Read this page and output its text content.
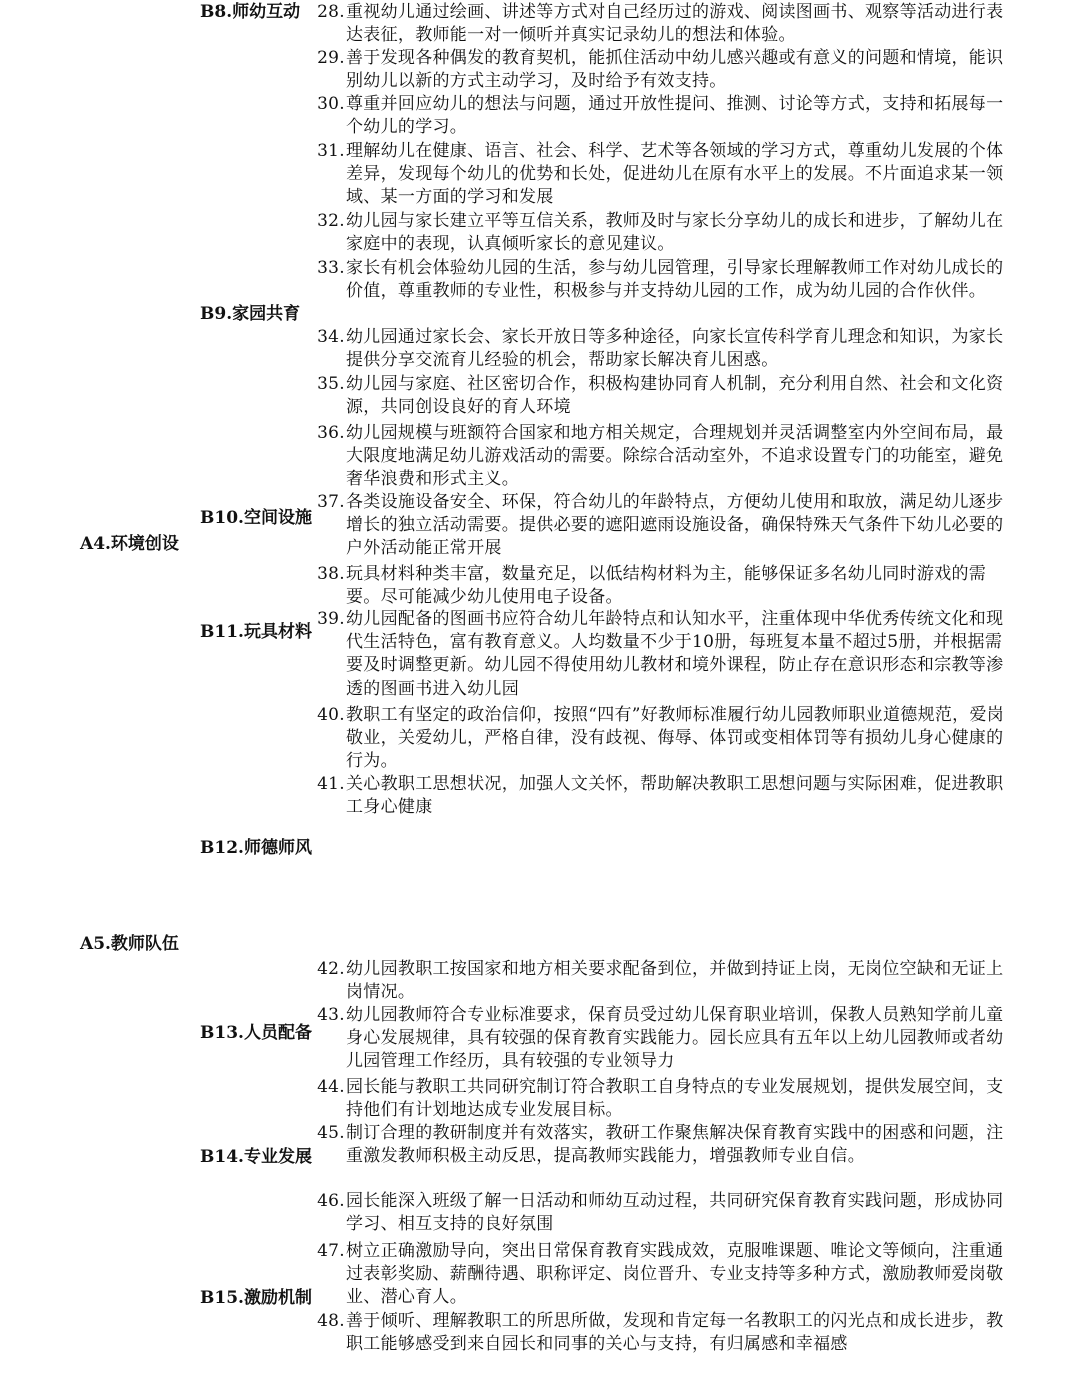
A4.环境创设
A5.教师队伍
B8.师幼互动
B9.家园共育
B10.空间设施
B11.玩具材料
B12.师德师风
B13.人员配备
B14.专业发展
B15.激励机制
28. 重视幼儿通过绘画、讲述等方式对自己经历过的游戏、阅读图画书、观察等活动进行表达表征，教师能一对一倾听并真实记录幼儿的想法和体验。
29. 善于发现各种偶发的教育契机，能抓住活动中幼儿感兴趣或有意义的问题和情境，能识别幼儿以新的方式主动学习，及时给予有效支持。
30. 尊重并回应幼儿的想法与问题，通过开放性提问、推测、讨论等方式，支持和拓展每一个幼儿的学习。
31. 理解幼儿在健康、语言、社会、科学、艺术等各领域的学习方式，尊重幼儿发展的个体差异，发现每个幼儿的优势和长处，促进幼儿在原有水平上的发展。不片面追求某一领域、某一方面的学习和发展
32. 幼儿园与家长建立平等互信关系，教师及时与家长分享幼儿的成长和进步，了解幼儿在家庭中的表现，认真倾听家长的意见建议。
33. 家长有机会体验幼儿园的生活，参与幼儿园管理，引导家长理解教师工作对幼儿成长的价值，尊重教师的专业性，积极参与并支持幼儿园的工作，成为幼儿园的合作伙伴。
34. 幼儿园通过家长会、家长开放日等多种途径，向家长宣传科学育儿理念和知识，为家长提供分享交流育儿经验的机会，帮助家长解决育儿困惑。
35. 幼儿园与家庭、社区密切合作，积极构建协同育人机制，充分利用自然、社会和文化资源，共同创设良好的育人环境
36. 幼儿园规模与班额符合国家和地方相关规定，合理规划并灵活调整室内外空间布局，最大限度地满足幼儿游戏活动的需要。除综合活动室外，不追求设置专门的功能室，避免奢华浪费和形式主义。
37. 各类设施设备安全、环保，符合幼儿的年龄特点，方便幼儿使用和取放，满足幼儿逐步增长的独立活动需要。提供必要的遮阳遮雨设施设备，确保特殊天气条件下幼儿必要的户外活动能正常开展
38. 玩具材料种类丰富，数量充足，以低结构材料为主，能够保证多名幼儿同时游戏的需要。尽可能减少幼儿使用电子设备。
39. 幼儿园配备的图画书应符合幼儿年龄特点和认知水平，注重体现中华优秀传统文化和现代生活特色，富有教育意义。人均数量不少于10册，每班复本量不超过5册，并根据需要及时调整更新。幼儿园不得使用幼儿教材和境外课程，防止存在意识形态和宗教等渗透的图画书进入幼儿园
40. 教职工有坚定的政治信仰，按照“四有”好教师标准履行幼儿园教师职业道德规范，爱岗敬业，关爱幼儿，严格自律，没有歧视、侮辱、体罚或变相体罚等有损幼儿身心健康的行为。
41. 关心教职工思想状况，加强人文关怀，帮助解决教职工思想问题与实际困难，促进教职工身心健康
42. 幼儿园教职工按国家和地方相关要求配备到位，并做到持证上岗，无岗位空缺和无证上岗情况。
43. 幼儿园教师符合专业标准要求，保育员受过幼儿保育职业培训，保教人员熟知学前儿童身心发展规律，具有较强的保育教育实践能力。园长应具有五年以上幼儿园教师或者幼儿园管理工作经历，具有较强的专业领导力
44. 园长能与教职工共同研究制订符合教职工自身特点的专业发展规划，提供发展空间，支持他们有计划地达成专业发展目标。
45. 制订合理的教研制度并有效落实，教研工作聚焦解决保育教育实践中的困惑和问题，注重激发教师积极主动反思，提高教师实践能力，增强教师专业自信。
46. 园长能深入班级了解一日活动和师幼互动过程，共同研究保育教育实践问题，形成协同学习、相互支持的良好氛围
47. 树立正确激励导向，突出日常保育教育实践成效，克服唯课题、唯论文等倾向，注重通过表彰奖励、薪酬待遇、职称评定、岗位晋升、专业支持等多种方式，激励教师爱岗敬业、潜心育人。
48. 善于倾听、理解教职工的所思所做，发现和肯定每一名教职工的闪光点和成长进步，教职工能够感受到来自园长和同事的关心与支持，有归属感和幸福感
